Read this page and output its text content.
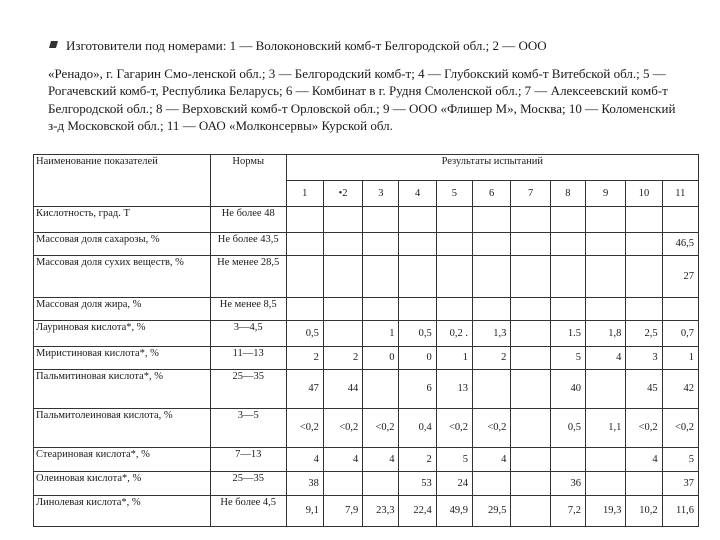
Изготовители под номерами: 1 — Волоконовский комб-т Белгородской обл.; 2 — ООО

«Ренадо», г. Гагарин Смо-ленской обл.; 3 — Белгородский комб-т; 4 — Глубокский комб-т Витебской обл.; 5 — Рогачевский комб-т, Республика Беларусь; 6 — Комбинат в г. Рудня Смоленской обл.; 7 — Алексеевский комб-т Белгородской обл.; 8 — Верховский комб-т Орловской обл.; 9 — ООО «Флишер М», Москва; 10 — Коломенский з-д Московской обл.; 11 — ОАО «Молконсервы» Курской обл.

Наименование показателей	Нормы	Результаты испытаний										
		1	•2	3	4	5	6	7	8	9	10	11
Кислотность, град. Т	Не более 48											
Массовая доля сахарозы, %	Не более 43,5											46,5
Массовая доля сухих веществ, %	Не менее 28,5											27
Массовая доля жира, %	Не менее 8,5											
Лауриновая кислота*, %	3—4,5	0,5		1	0,5	0,2 .	1,3		1.5	1,8	2,5	0,7
Миристиновая кислота*, %	11—13	2	2	0	0	1	2		5	4	3	1
Пальмитиновая кислота*, %	25—35	47	44		6	13			40		45	42
Пальмитолеиновая кислота, %	3—5	<0,2	<0,2	<0,2	0,4	<0,2	<0,2		0,5	1,1	<0,2	<0,2
Стеариновая кислота*, %	7—13	4	4	4	2	5	4				4	5
Олеиновая кислота*, %	25—35	38			53	24			36			37
Линолевая кислота*, %	Не более 4,5	9,1	7,9	23,3	22,4	49,9	29,5		7,2	19,3	10,2	11,6
